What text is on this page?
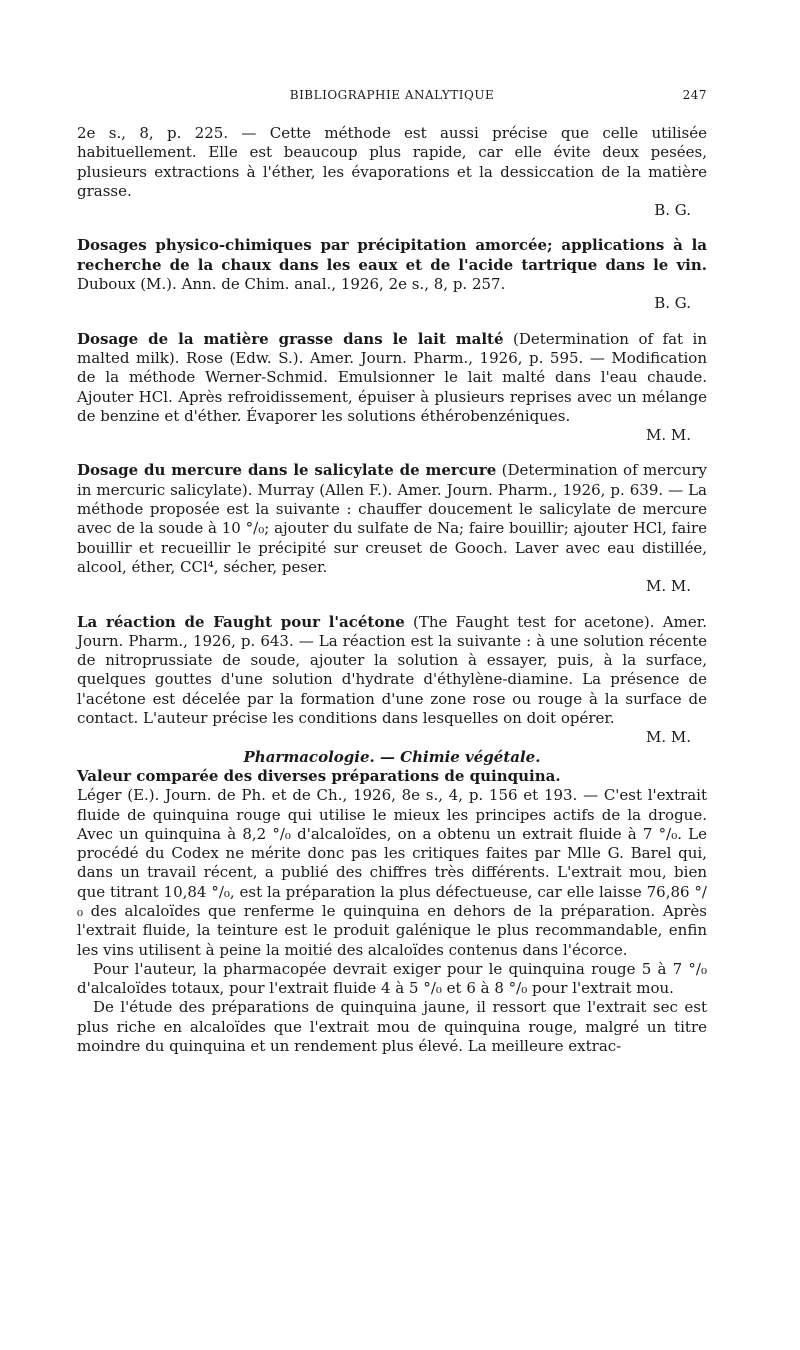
BIBLIOGRAPHIE ANALYTIQUE	247

2e s., 8, p. 225. — Cette méthode est aussi précise que celle utilisée habituellement. Elle est beaucoup plus rapide, car elle évite deux pesées, plusieurs extractions à l'éther, les évaporations et la dessiccation de la matière grasse.

B. G.

Dosages physico-chimiques par précipitation amorcée; applications à la recherche de la chaux dans les eaux et de l'acide tartrique dans le vin. Duboux (M.). Ann. de Chim. anal., 1926, 2e s., 8, p. 257.

B. G.

Dosage de la matière grasse dans le lait malté (Determination of fat in malted milk). Rose (Edw. S.). Amer. Journ. Pharm., 1926, p. 595. — Modification de la méthode Werner-Schmid. Emulsionner le lait malté dans l'eau chaude. Ajouter HCl. Après refroidissement, épuiser à plusieurs reprises avec un mélange de benzine et d'éther. Évaporer les solutions éthérobenzéniques.

M. M.

Dosage du mercure dans le salicylate de mercure (Determination of mercury in mercuric salicylate). Murray (Allen F.). Amer. Journ. Pharm., 1926, p. 639. — La méthode proposée est la suivante : chauffer doucement le salicylate de mercure avec de la soude à 10 °/₀; ajouter du sulfate de Na; faire bouillir; ajouter HCl, faire bouillir et recueillir le précipité sur creuset de Gooch. Laver avec eau distillée, alcool, éther, CCl⁴, sécher, peser.

M. M.

La réaction de Faught pour l'acétone (The Faught test for acetone). Amer. Journ. Pharm., 1926, p. 643. — La réaction est la suivante : à une solution récente de nitroprussiate de soude, ajouter la solution à essayer, puis, à la surface, quelques gouttes d'une solution d'hydrate d'éthylène-diamine. La présence de l'acétone est décelée par la formation d'une zone rose ou rouge à la surface de contact. L'auteur précise les conditions dans lesquelles on doit opérer.

M. M.

Pharmacologie. — Chimie végétale.

Valeur comparée des diverses préparations de quinquina.

Léger (E.). Journ. de Ph. et de Ch., 1926, 8e s., 4, p. 156 et 193. — C'est l'extrait fluide de quinquina rouge qui utilise le mieux les principes actifs de la drogue. Avec un quinquina à 8,2 °/₀ d'alcaloïdes, on a obtenu un extrait fluide à 7 °/₀. Le procédé du Codex ne mérite donc pas les critiques faites par Mlle G. Barel qui, dans un travail récent, a publié des chiffres très différents. L'extrait mou, bien que titrant 10,84 °/₀, est la préparation la plus défectueuse, car elle laisse 76,86 °/₀ des alcaloïdes que renferme le quinquina en dehors de la préparation. Après l'extrait fluide, la teinture est le produit galénique le plus recommandable, enfin les vins utilisent à peine la moitié des alcaloïdes contenus dans l'écorce.

Pour l'auteur, la pharmacopée devrait exiger pour le quinquina rouge 5 à 7 °/₀ d'alcaloïdes totaux, pour l'extrait fluide 4 à 5 °/₀ et 6 à 8 °/₀ pour l'extrait mou.

De l'étude des préparations de quinquina jaune, il ressort que l'extrait sec est plus riche en alcaloïdes que l'extrait mou de quinquina rouge, malgré un titre moindre du quinquina et un rendement plus élevé. La meilleure extrac-
